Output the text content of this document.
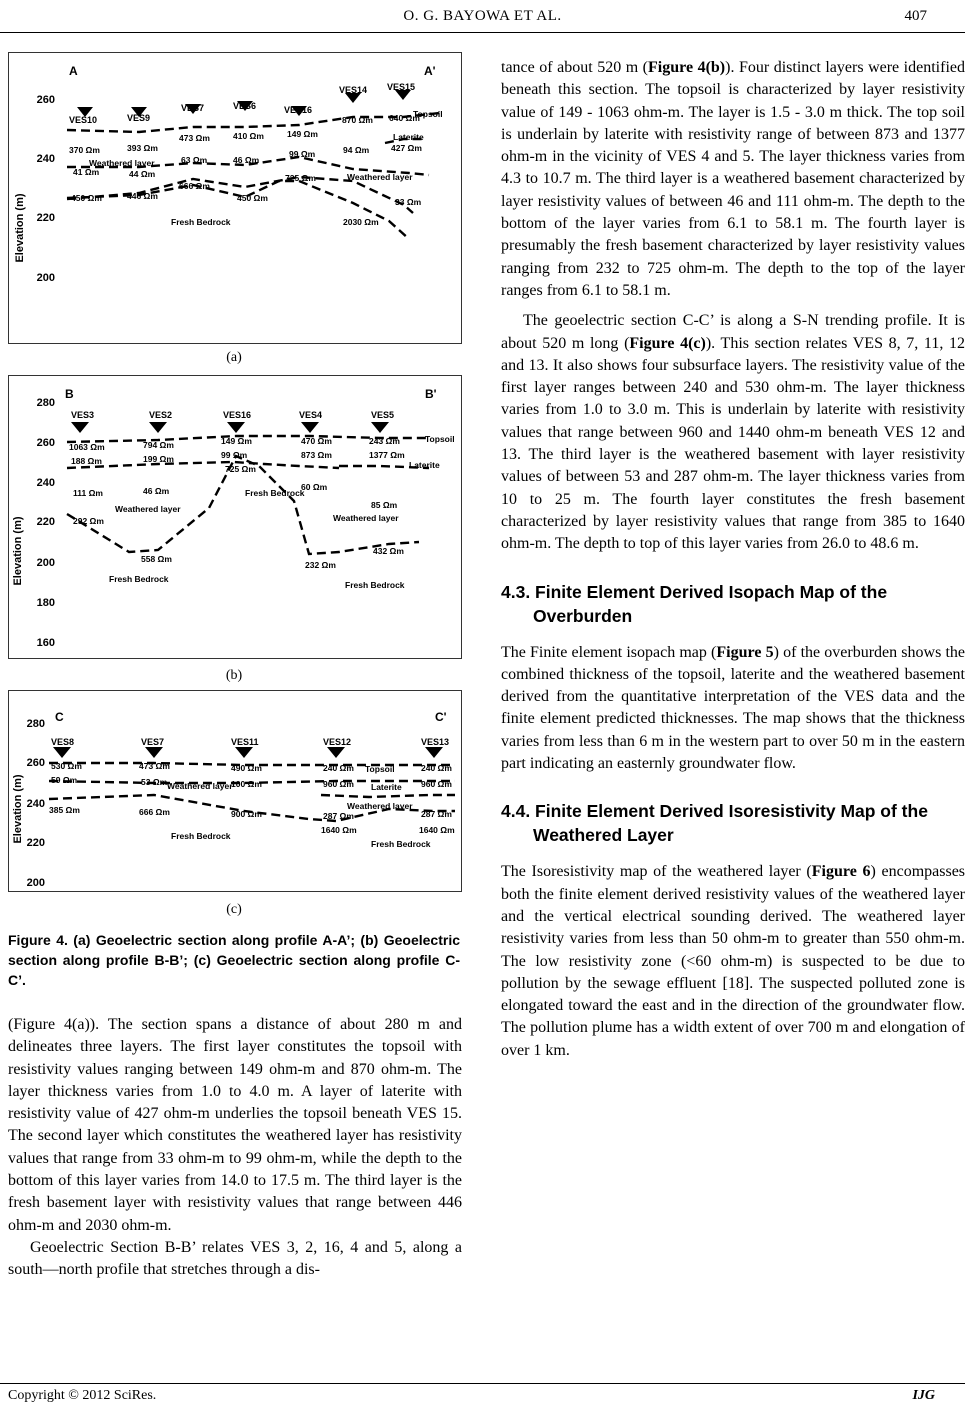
O. G. BAYOWA ET AL.	407
Elevation (m)
260
240
220
200
A	A'
VES10	VES9
VES7	VES6	VES16
VES14 VES15
370 Ωm	393 Ωm
473 Ωm	410 Ωm	149 Ωm
870 Ωm 640 Ωm
427 Ωm
41 Ωm	44 Ωm
63 Ωm	46 Ωm
99 Ωm	94 Ωm
725 Ωm
450 Ωm	446 Ωm
666 Ωm
450 Ωm	33 Ωm
2030 Ωm
Topsoil
Laterite
Weathered layer
Weathered layer
Fresh Bedrock
(a)
Elevation (m)
280
260
240
220
200
180
160
B	B'
VES3	VES2	VES16	VES4	VES5
1063 Ωm	794 Ωm	149 Ωm	470 Ωm	243 Ωm
188 Ωm	199 Ωm	99 Ωm	873 Ωm	1377 Ωm
725 Ωm
111 Ωm	46 Ωm	60 Ωm
85 Ωm
292 Ωm
558 Ωm
232 Ωm
432 Ωm
Topsoil
Laterite
Weathered layer
Weathered layer
Fresh Bedrock
Fresh Bedrock
Fresh Bedrock
(b)
Elevation (m)
280
260
240
220
200
C	C'
VES8	VES7	VES11	VES12	VES13
530 Ωm	473 Ωm	490 Ωm	240 Ωm	240 Ωm
59 Ωm	53 Ωm	100 Ωm	960 Ωm	960 Ωm
385 Ωm	666 Ωm	900 Ωm	287 Ωm	287 Ωm
1640 Ωm	1640 Ωm
Topsoil
Laterite
Weathered layer
Weathered layer
Fresh Bedrock
Fresh Bedrock
(c)
Figure 4. (a) Geoelectric section along profile A-A’; (b) Geoelectric section along profile B-B’; (c) Geoelectric section along profile C-C’.

(Figure 4(a)). The section spans a distance of about 280 m and delineates three layers. The first layer constitutes the topsoil with resistivity values ranging between 149 ohm-m and 870 ohm-m. The layer thickness varies from 1.0 to 4.0 m. A layer of laterite with resistivity value of 427 ohm-m underlies the topsoil beneath VES 15. The second layer which constitutes the weathered layer has resistivity values that range from 33 ohm-m to 99 ohm-m, while the depth to the bottom of this layer varies from 14.0 to 17.5 m. The third layer is the fresh basement layer with resistivity values that range between 446 ohm-m and 2030 ohm-m.

Geoelectric Section B-B’ relates VES 3, 2, 16, 4 and 5, along a south—north profile that stretches through a dis-

tance of about 520 m (Figure 4(b)). Four distinct layers were identified beneath this section. The topsoil is characterized by layer resistivity value of 149 - 1063 ohm-m. The layer is 1.5 - 3.0 m thick. The top soil is underlain by laterite with resistivity range of between 873 and 1377 ohm-m in the vicinity of VES 4 and 5. The layer thickness varies from 4.3 to 10.7 m. The third layer is a weathered basement characterized by layer resistivity values of between 46 and 111 ohm-m. The depth to the bottom of the layer varies from 6.1 to 58.1 m. The fourth layer is presumably the fresh basement characterized by layer resistivity values ranging from 232 to 725 ohm-m. The depth to the top of the layer ranges from 6.1 to 58.1 m.

The geoelectric section C-C’ is along a S-N trending profile. It is about 520 m long (Figure 4(c)). This section relates VES 8, 7, 11, 12 and 13. It also shows four subsurface layers. The resistivity value of the first layer ranges between 240 and 530 ohm-m. The layer thickness varies from 1.0 to 3.0 m. This is underlain by laterite with resistivity values that range between 960 and 1440 ohm-m beneath VES 12 and 13. The third layer is the weathered basement with layer resistivity values of between 53 and 287 ohm-m. The layer thickness varies from 10 to 25 m. The fourth layer constitutes the fresh basement characterized by layer resistivity values that range from 385 to 1640 ohm-m. The depth to top of this layer varies from 26.0 to 48.6 m.

4.3. Finite Element Derived Isopach Map of the Overburden

The Finite element isopach map (Figure 5) of the overburden shows the combined thickness of the topsoil, laterite and the weathered basement derived from the quantitative interpretation of the VES data and the finite element predicted thicknesses. The map shows that the thickness varies from less than 6 m in the western part to over 50 m in the eastern part indicating an easternly groundwater flow.

4.4. Finite Element Derived Isoresistivity Map of the Weathered Layer

The Isoresistivity map of the weathered layer (Figure 6) encompasses both the finite element derived resistivity values of the weathered layer and the vertical electrical sounding derived. The weathered layer resistivity varies from less than 50 ohm-m to greater than 550 ohm-m. The low resistivity zone (<60 ohm-m) is suspected to be due to pollution by the sewage effluent [18]. The suspected polluted zone is elongated toward the east and in the direction of the groundwater flow. The pollution plume has a width extent of over 700 m and elongation of over 1 km.

Copyright © 2012 SciRes.	IJG
